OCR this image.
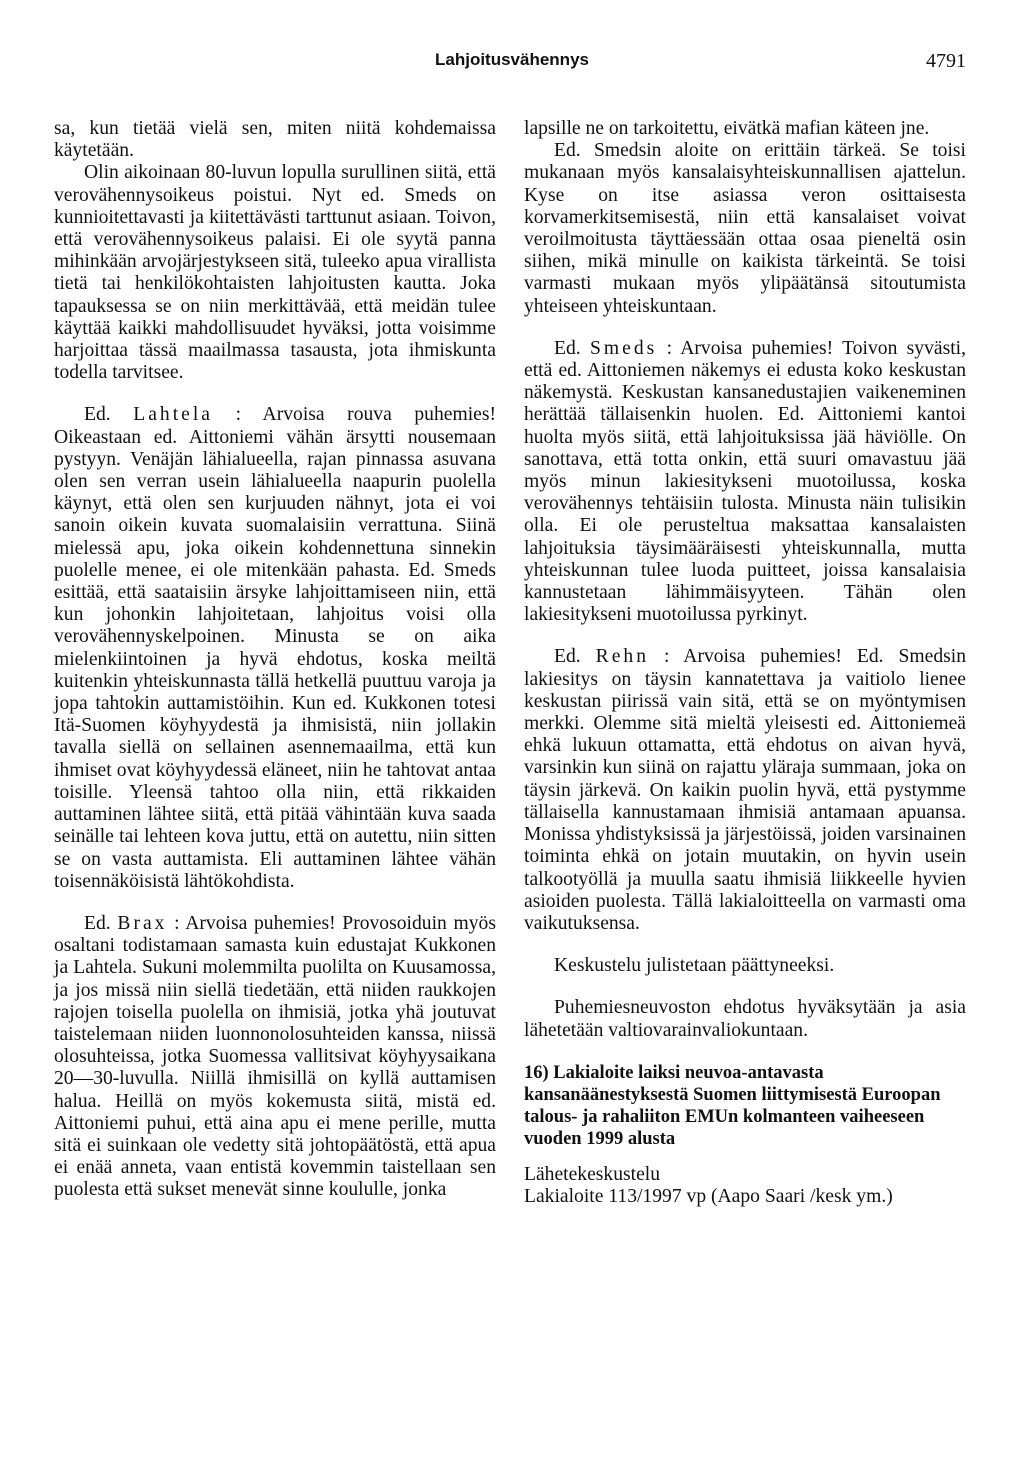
Lahjoitusvähennys	4791

sa, kun tietää vielä sen, miten niitä kohdemaissa käytetään.

Olin aikoinaan 80-luvun lopulla surullinen siitä, että verovähennysoikeus poistui. Nyt ed. Smeds on kunnioitettavasti ja kiitettävästi tarttunut asiaan. Toivon, että verovähennysoikeus palaisi. Ei ole syytä panna mihinkään arvojärjestykseen sitä, tuleeko apua virallista tietä tai henkilökohtaisten lahjoitusten kautta. Joka tapauksessa se on niin merkittävää, että meidän tulee käyttää kaikki mahdollisuudet hyväksi, jotta voisimme harjoittaa tässä maailmassa tasausta, jota ihmiskunta todella tarvitsee.

Ed. Lahtela : Arvoisa rouva puhemies! Oikeastaan ed. Aittoniemi vähän ärsytti nousemaan pystyyn. Venäjän lähialueella, rajan pinnassa asuvana olen sen verran usein lähialueella naapurin puolella käynyt, että olen sen kurjuuden nähnyt, jota ei voi sanoin oikein kuvata suomalaisiin verrattuna. Siinä mielessä apu, joka oikein kohdennettuna sinnekin puolelle menee, ei ole mitenkään pahasta. Ed. Smeds esittää, että saataisiin ärsyke lahjoittamiseen niin, että kun johonkin lahjoitetaan, lahjoitus voisi olla verovähennyskelpoinen. Minusta se on aika mielenkiintoinen ja hyvä ehdotus, koska meiltä kuitenkin yhteiskunnasta tällä hetkellä puuttuu varoja ja jopa tahtokin auttamistöihin. Kun ed. Kukkonen totesi Itä-Suomen köyhyydestä ja ihmisistä, niin jollakin tavalla siellä on sellainen asennemaailma, että kun ihmiset ovat köyhyydessä eläneet, niin he tahtovat antaa toisille. Yleensä tahtoo olla niin, että rikkaiden auttaminen lähtee siitä, että pitää vähintään kuva saada seinälle tai lehteen kova juttu, että on autettu, niin sitten se on vasta auttamista. Eli auttaminen lähtee vähän toisennäköisistä lähtökohdista.

Ed. Brax : Arvoisa puhemies! Provosoiduin myös osaltani todistamaan samasta kuin edustajat Kukkonen ja Lahtela. Sukuni molemmilta puolilta on Kuusamossa, ja jos missä niin siellä tiedetään, että niiden raukkojen rajojen toisella puolella on ihmisiä, jotka yhä joutuvat taistelemaan niiden luonnonolosuhteiden kanssa, niissä olosuhteissa, jotka Suomessa vallitsivat köyhyysaikana 20—30-luvulla. Niillä ihmisillä on kyllä auttamisen halua. Heillä on myös kokemusta siitä, mistä ed. Aittoniemi puhui, että aina apu ei mene perille, mutta sitä ei suinkaan ole vedetty sitä johtopäätöstä, että apua ei enää anneta, vaan entistä kovemmin taistellaan sen puolesta että sukset menevät sinne koululle, jonka

lapsille ne on tarkoitettu, eivätkä mafian käteen jne.

Ed. Smedsin aloite on erittäin tärkeä. Se toisi mukanaan myös kansalaisyhteiskunnallisen ajattelun. Kyse on itse asiassa veron osittaisesta korvamerkitsemisestä, niin että kansalaiset voivat veroilmoitusta täyttäessään ottaa osaa pieneltä osin siihen, mikä minulle on kaikista tärkeintä. Se toisi varmasti mukaan myös ylipäätänsä sitoutumista yhteiseen yhteiskuntaan.

Ed. Smeds : Arvoisa puhemies! Toivon syvästi, että ed. Aittoniemen näkemys ei edusta koko keskustan näkemystä. Keskustan kansanedustajien vaikeneminen herättää tällaisenkin huolen. Ed. Aittoniemi kantoi huolta myös siitä, että lahjoituksissa jää häviölle. On sanottava, että totta onkin, että suuri omavastuu jää myös minun lakiesitykseni muotoilussa, koska verovähennys tehtäisiin tulosta. Minusta näin tulisikin olla. Ei ole perusteltua maksattaa kansalaisten lahjoituksia täysimääräisesti yhteiskunnalla, mutta yhteiskunnan tulee luoda puitteet, joissa kansalaisia kannustetaan lähimmäisyyteen. Tähän olen lakiesitykseni muotoilussa pyrkinyt.

Ed. Rehn : Arvoisa puhemies! Ed. Smedsin lakiesitys on täysin kannatettava ja vaitiolo lienee keskustan piirissä vain sitä, että se on myöntymisen merkki. Olemme sitä mieltä yleisesti ed. Aittoniemeä ehkä lukuun ottamatta, että ehdotus on aivan hyvä, varsinkin kun siinä on rajattu yläraja summaan, joka on täysin järkevä. On kaikin puolin hyvä, että pystymme tällaisella kannustamaan ihmisiä antamaan apuansa. Monissa yhdistyksissä ja järjestöissä, joiden varsinainen toiminta ehkä on jotain muutakin, on hyvin usein talkootyöllä ja muulla saatu ihmisiä liikkeelle hyvien asioiden puolesta. Tällä lakialoitteella on varmasti oma vaikutuksensa.

Keskustelu julistetaan päättyneeksi.

Puhemiesneuvoston ehdotus hyväksytään ja asia lähetetään valtiovarainvaliokuntaan.

16) Lakialoite laiksi neuvoa-antavasta kansanäänestyksestä Suomen liittymisestä Euroopan talous- ja rahaliiton EMUn kolmanteen vaiheeseen vuoden 1999 alusta

Lähetekeskustelu
Lakialoite 113/1997 vp (Aapo Saari /kesk ym.)
